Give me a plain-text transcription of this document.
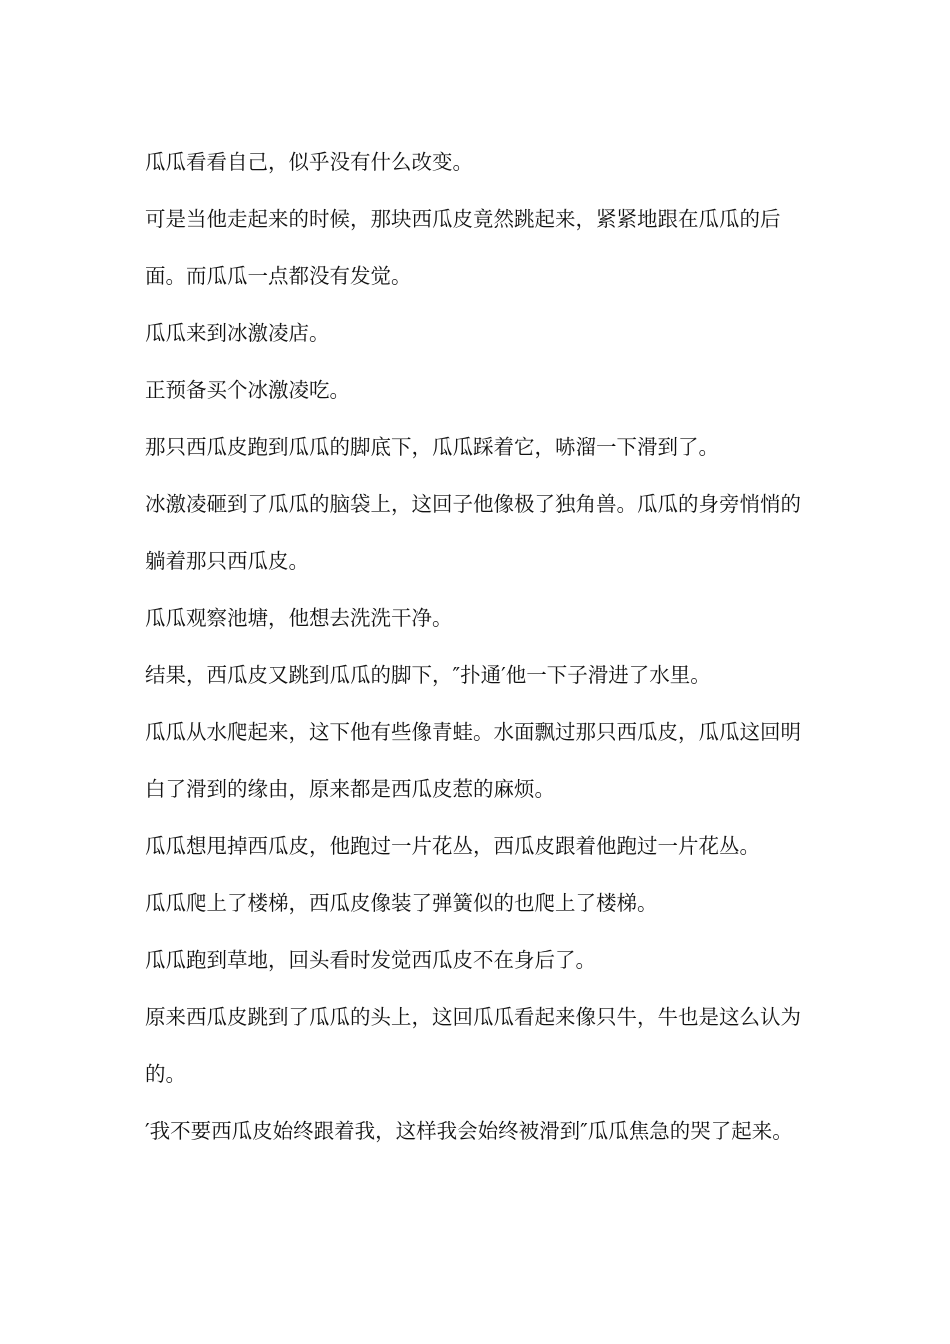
瓜瓜看看自己，似乎没有什么改变。

可是当他走起来的时候，那块西瓜皮竟然跳起来，紧紧地跟在瓜瓜的后面。而瓜瓜一点都没有发觉。

瓜瓜来到冰激凌店。

正预备买个冰激凌吃。

那只西瓜皮跑到瓜瓜的脚底下，瓜瓜踩着它，哧溜一下滑到了。

冰激凌砸到了瓜瓜的脑袋上，这回子他像极了独角兽。瓜瓜的身旁悄悄的躺着那只西瓜皮。

瓜瓜观察池塘，他想去洗洗干净。

结果，西瓜皮又跳到瓜瓜的脚下，″扑通′他一下子滑进了水里。

瓜瓜从水爬起来，这下他有些像青蛙。水面飘过那只西瓜皮，瓜瓜这回明白了滑到的缘由，原来都是西瓜皮惹的麻烦。

瓜瓜想甩掉西瓜皮，他跑过一片花丛，西瓜皮跟着他跑过一片花丛。

瓜瓜爬上了楼梯，西瓜皮像装了弹簧似的也爬上了楼梯。

瓜瓜跑到草地，回头看时发觉西瓜皮不在身后了。

原来西瓜皮跳到了瓜瓜的头上，这回瓜瓜看起来像只牛，牛也是这么认为的。

′我不要西瓜皮始终跟着我，这样我会始终被滑到″瓜瓜焦急的哭了起来。
